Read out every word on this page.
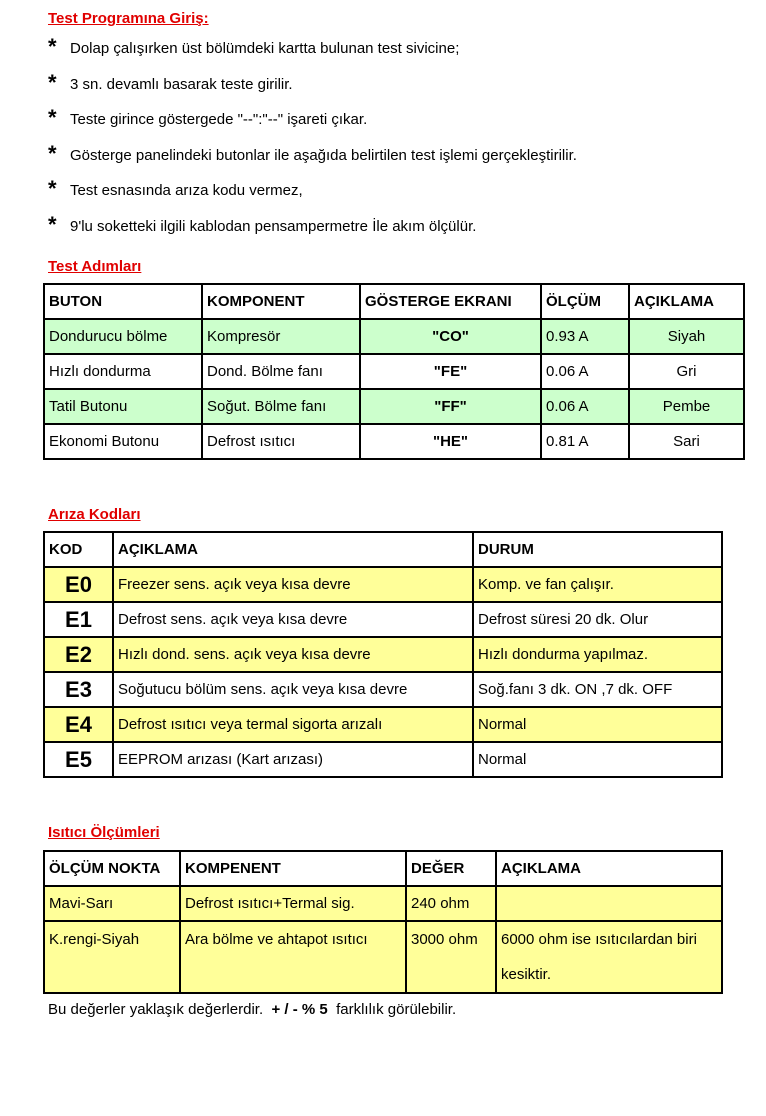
Test Programına Giriş:
* Dolap çalışırken üst bölümdeki kartta bulunan test sivicine;
* 3 sn. devamlı basarak teste girilir.
* Teste girince göstergede "--":"--" işareti çıkar.
* Gösterge panelindeki butonlar ile aşağıda belirtilen test işlemi gerçekleştirilir.
* Test esnasında arıza kodu vermez,
* 9'lu soketteki ilgili kablodan pensampermetre İle akım ölçülür.
Test Adımları
BUTON	KOMPONENT	GÖSTERGE EKRANI	ÖLÇÜM	AÇIKLAMA
Dondurucu bölme	Kompresör	"CO"	0.93 A	Siyah
Hızlı dondurma	Dond. Bölme fanı	"FE"	0.06 A	Gri
Tatil Butonu	Soğut. Bölme fanı	"FF"	0.06 A	Pembe
Ekonomi Butonu	Defrost ısıtıcı	"HE"	0.81 A	Sari
Arıza Kodları
KOD	AÇIKLAMA	DURUM
E0	Freezer sens. açık veya kısa devre	Komp. ve fan çalışır.
E1	Defrost sens. açık veya kısa devre	Defrost süresi 20 dk. Olur
E2	Hızlı dond. sens. açık veya kısa devre	Hızlı dondurma yapılmaz.
E3	Soğutucu bölüm sens. açık veya kısa devre	Soğ.fanı 3 dk. ON ,7 dk. OFF
E4	Defrost ısıtıcı veya termal sigorta arızalı	Normal
E5	EEPROM arızası (Kart arızası)	Normal
Isıtıcı Ölçümleri
ÖLÇÜM NOKTA	KOMPENENT	DEĞER	AÇIKLAMA
Mavi-Sarı	Defrost ısıtıcı+Termal sig.	240 ohm	
K.rengi-Siyah	Ara bölme ve ahtapot ısıtıcı	3000 ohm	6000 ohm ise ısıtıcılardan biri kesiktir.
Bu değerler yaklaşık değerlerdir. + / - % 5 farklılık görülebilir.
